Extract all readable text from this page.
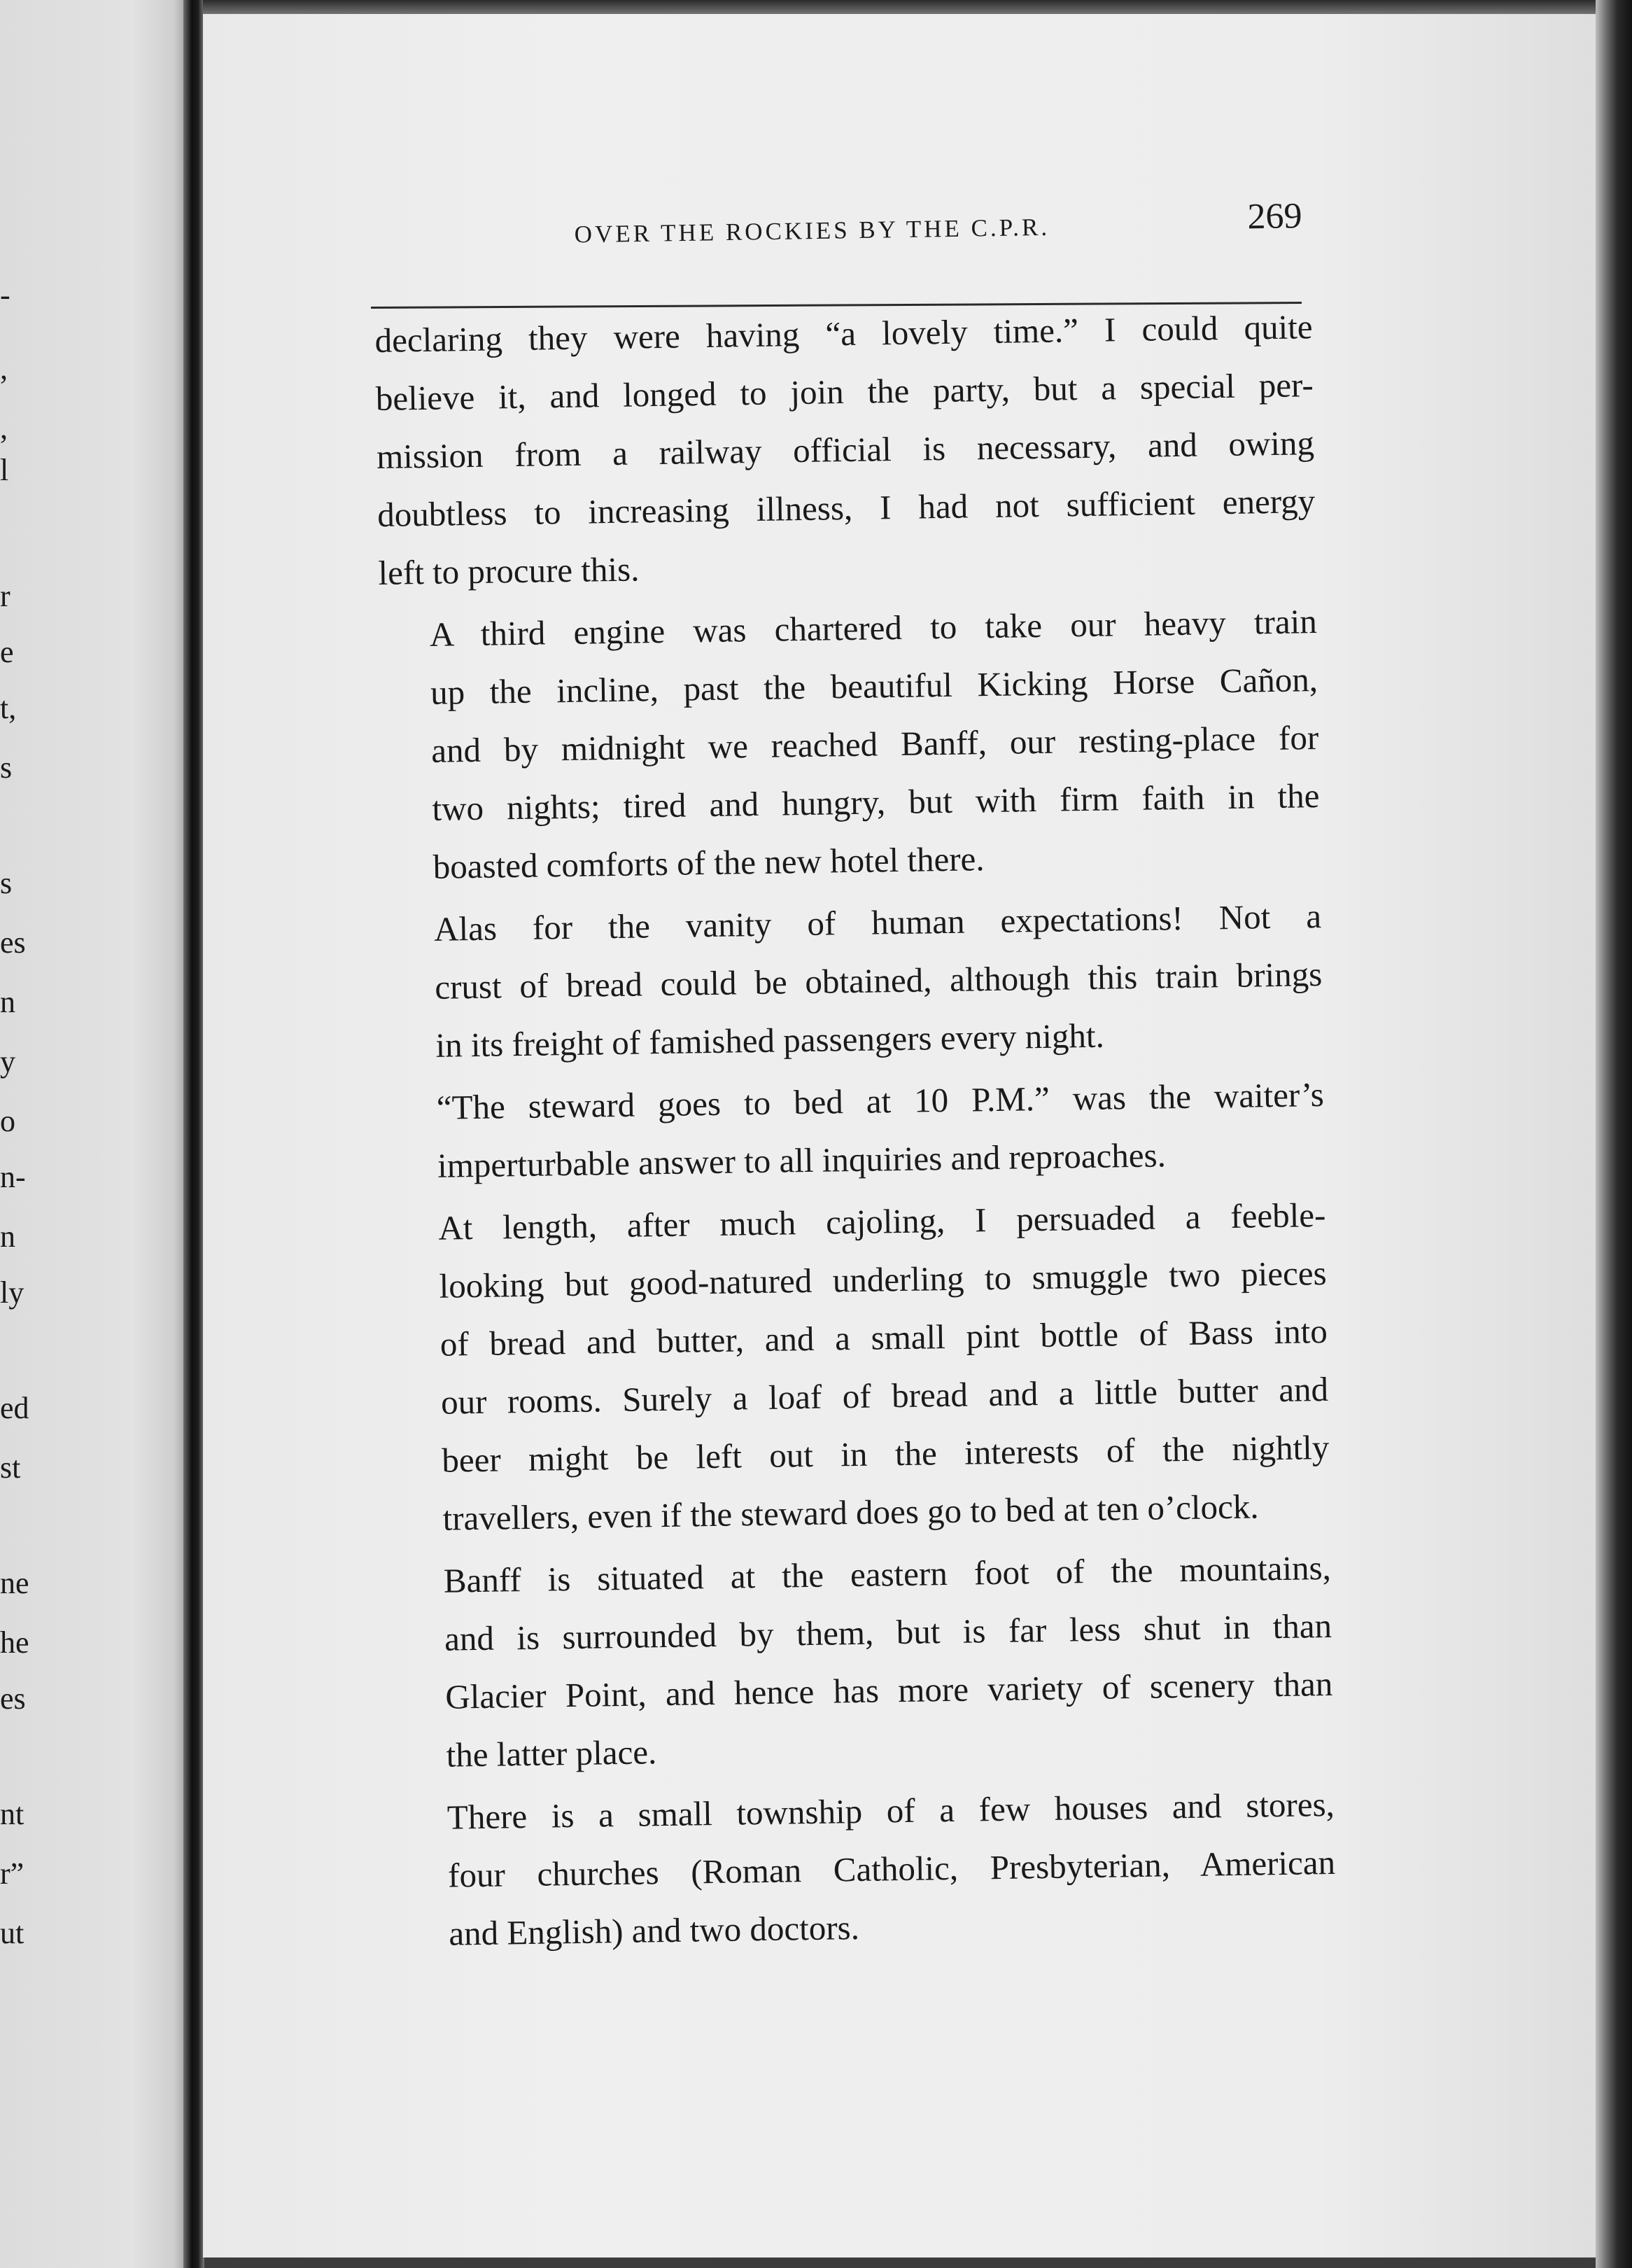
-
,
,
l
r
e
t,
s
s
es
n
y
o
n-
n
ly
ed
st
ne
he
es
nt
r”
ut
OVER THE ROCKIES BY THE C.P.R.	269
declaring they were having “a lovely time.” I could quite
believe it, and longed to join the party, but a special per-
mission from a railway official is necessary, and owing
doubtless to increasing illness, I had not sufficient energy
left to procure this.
A third engine was chartered to take our heavy train
up the incline, past the beautiful Kicking Horse Cañon,
and by midnight we reached Banff, our resting-place for
two nights; tired and hungry, but with firm faith in the
boasted comforts of the new hotel there.
Alas for the vanity of human expectations! Not a
crust of bread could be obtained, although this train brings
in its freight of famished passengers every night.
“The steward goes to bed at 10 P.M.” was the waiter’s
imperturbable answer to all inquiries and reproaches.
At length, after much cajoling, I persuaded a feeble-
looking but good-natured underling to smuggle two pieces
of bread and butter, and a small pint bottle of Bass into
our rooms. Surely a loaf of bread and a little butter and
beer might be left out in the interests of the nightly
travellers, even if the steward does go to bed at ten o’clock.
Banff is situated at the eastern foot of the mountains,
and is surrounded by them, but is far less shut in than
Glacier Point, and hence has more variety of scenery than
the latter place.
There is a small township of a few houses and stores,
four churches (Roman Catholic, Presbyterian, American
and English) and two doctors.
